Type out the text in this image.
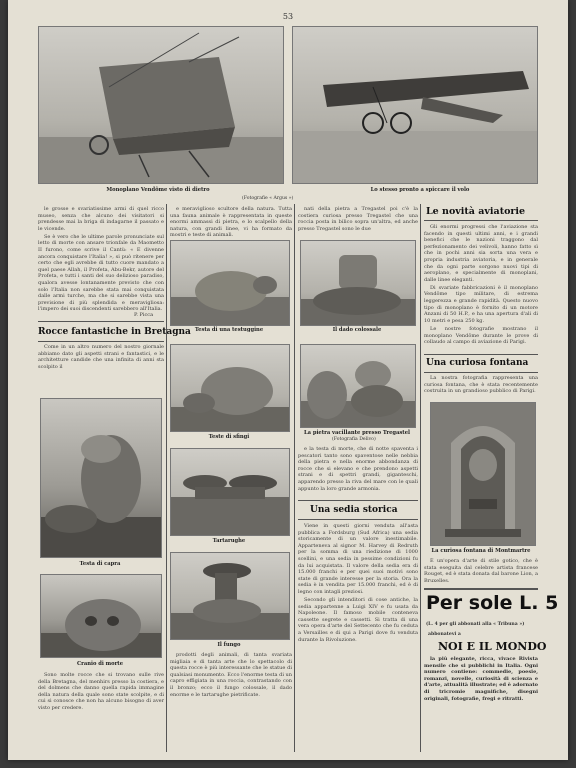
53
Monoplano Vendôme visto di dietro
(Fotografie « Argus »)
Lo stesso pronto a spiccare il volo

le grosse e svariatissime armi di quel ricco museo, senza che alcuno dei visitatori si prendesse mai la briga di indagarne il passato e le vicende.

Se è vero che le ultime parole pronunciate sul letto di morte con ansare trionfale da Maometto II furono, come scrive il Cantù: « E divenne ancora conquistare l'Italia! », si può ritenere per certo che egli avrebbe di tutto cuore mandato a quel paese Allah, il Profeta, Abu-Bekr, autore del Profeta, e tutti i santi del suo delizioso paradiso, qualora avesse lontanamente previsto che con solo l'Italia non sarebbe stata mai conquistata dalle armi turche, ma che si sarebbe vista una previsione di più splendida e meravigliosa: l'impero dei suoi discendenti sarebbero all'Italia.

P. Picca
Rocce fantastiche in Bretagna

Come in un altro numero del nostro giornale abbiamo dato gli aspetti strani e fantastici, e le architetture candide che una infinita di anni sta scolpito il

Testa di capra
Cranio di morte

Sono molte rocce che si trovano sulle rive della Bretagna, del menhirs presso la costiera, e del dolmens che danno quella rapida immagine della natura della quale sono state scolpite, e di cui si conosce che non ha alcuno bisogno di aver visto per credere.

e meraviglioso scultore della natura. Tutta una fauna animale è rappresentata in queste enormi ammassi di pietra, e lo scalpello della natura, con grandi linee, vi ha formato da mostri e teste di animali.

nati della pietra a Tregastel poi c'è la costiera curiosa presso Tregastel che una roccia posta in bilico sopra un'altra, ed anche presso Tregastel sono le due

Testa di una testuggine	Il dado colossale
Teste di sfingi
La pietra vacillante presso Tregastel
(Fotografia Delivo)
Tartarughe
Il fungo

prodotti degli animali, di tanta svariata migliaia e di tanta arte che lo spettacolo di questa rocce è più interessante che le statue di qualsiasi monumento. Ecco l'enorme testa di un capro effigiata in una roccia, contrastando con il bronzo; ecco il fungo colossale, il dado enorme e le tartarughe pietrificate.

e la testa di morte, che di notte spaventa i pescatori tanto sono spaventose nelle nebbia della pietra e nella enorme abbondanza di rocce che si elevano e che prendono aspetti strani e di spettri grandi, giganteschi, apparendo presso la riva del mare con le quali appunto la loro grande armonia.

Una sedia storica

Viene in questi giorni venduta all'asta pubblica a Fordsburg (Sud Africa) una sedia storicamente di un valore inestimabile. Apparteneva al signor M. Harvey di Redruth per la somma di una riedizione di 1000 scellini, e una sedia in pessime condizioni fu da lui acquistata. Il valore della sedia era di 15.000 franchi e per quei suoi motivi sono state di grande interesse per la storia. Ora la sedia è in vendita per 15.000 franchi, ed è di legno con intagli preziosi.

Secondo gli intenditori di cose antiche, la sedia appartenne a Luigi XIV e fu usata da Napoleone. Il famoso mobile conteneva cassette segrete e cassetti. Si tratta di una vera opera d'arte del Settecento che fu ceduta a Versailles e di qui a Parigi dove fu venduta durante la Rivoluzione.

Le novità aviatorie

Gli enormi progressi che l'aviazione sta facendo in questi ultimi anni, e i grandi benefici che le nazioni traggono dal perfezionamento dei velivoli, hanno fatto sì che in pochi anni sia sorta una vera e propria industria aviatoria, e in generale che da ogni parte sorgono nuovi tipi di aeroplano, e specialmente di monoplani, dalle linee eleganti.

Di svariate fabbricazioni è il monoplano Vendôme tipo militare, di estrema leggerezza e grande rapidità. Questo nuovo tipo di monoplano è fornito di un motore Anzani di 50 H.P., e ha una apertura d'ali di 10 metri e pesa 250 kg.

Le nostre fotografie mostrano il monoplano Vendôme durante le prove di collaudo al campo di aviazione di Parigi.

Una curiosa fontana

La nostra fotografia rappresenta una curiosa fontana, che è stata recentemente costruita in un grandioso pubblico di Parigi.

La curiosa fontana di Montmartre

È un'opera d'arte di stile gotico, che è stata eseguita dal celebre artista francese Rouget, ed è stata donata dal barone Lion, a Bruxelles.

Per sole L. 5
(L. 4 per gli abbonati alla « Tribuna »)
abbonatevi a
NOI E IL MONDO

la più elegante, ricca, vivace Rivista mensile che si pubblichi in Italia. Ogni numero contiene: commedie, poesie, romanzi, novelle, curiosità di scienza e d'arte, attualità illustrate; ed è adornato di tricromie magnifiche, disegni originali, fotografie, fregi e ritratti.
